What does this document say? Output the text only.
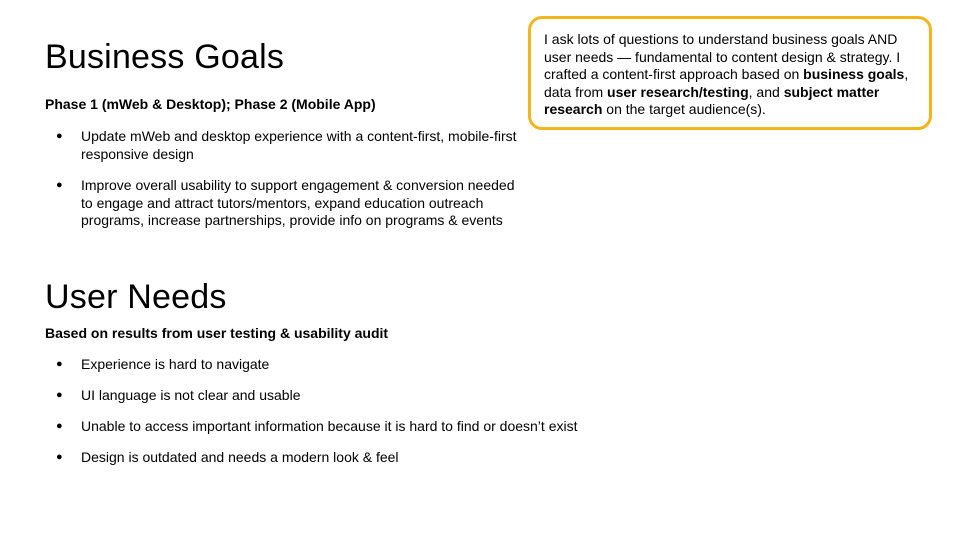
Business Goals

Phase 1 (mWeb & Desktop); Phase 2 (Mobile App)

● Update mWeb and desktop experience with a content-first, mobile-first responsive design
● Improve overall usability to support engagement & conversion needed to engage and attract tutors/mentors, expand education outreach programs, increase partnerships, provide info on programs & events
User Needs

Based on results from user testing & usability audit

● Experience is hard to navigate
● UI language is not clear and usable
● Unable to access important information because it is hard to find or doesn’t exist
● Design is outdated and needs a modern look & feel
I ask lots of questions to understand business goals AND user needs — fundamental to content design & strategy. I crafted a content-first approach based on business goals, data from user research/testing, and subject matter research on the target audience(s).
